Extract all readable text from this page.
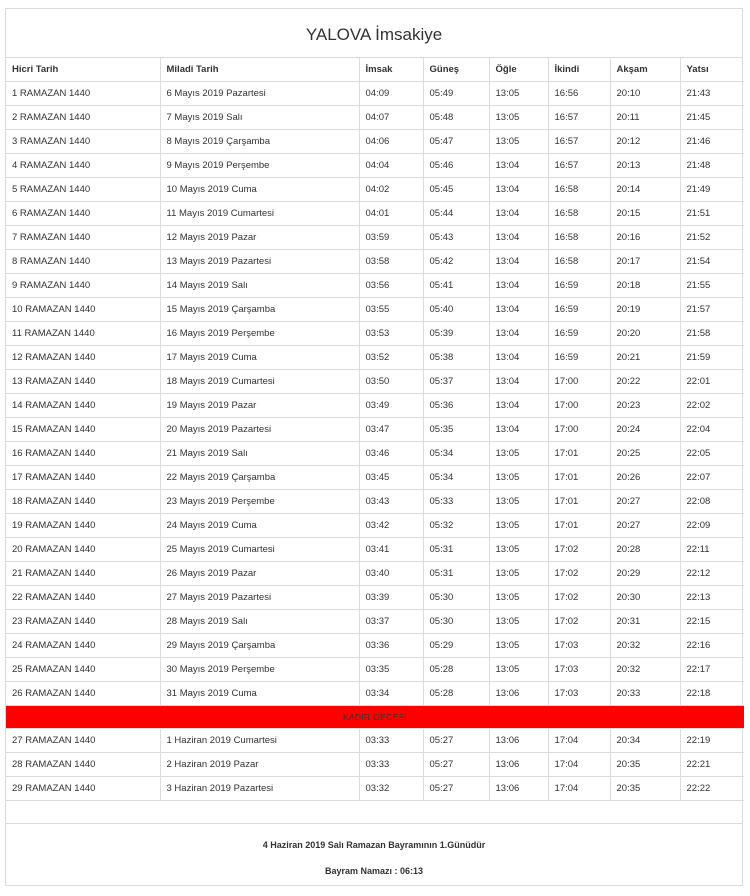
YALOVA İmsakiye
Hicri Tarih	Miladi Tarih	İmsak	Güneş	Öğle	İkindi	Akşam	Yatsı
1 RAMAZAN 1440	6 Mayıs 2019 Pazartesi	04:09	05:49	13:05	16:56	20:10	21:43
2 RAMAZAN 1440	7 Mayıs 2019 Salı	04:07	05:48	13:05	16:57	20:11	21:45
3 RAMAZAN 1440	8 Mayıs 2019 Çarşamba	04:06	05:47	13:05	16:57	20:12	21:46
4 RAMAZAN 1440	9 Mayıs 2019 Perşembe	04:04	05:46	13:04	16:57	20:13	21:48
5 RAMAZAN 1440	10 Mayıs 2019 Cuma	04:02	05:45	13:04	16:58	20:14	21:49
6 RAMAZAN 1440	11 Mayıs 2019 Cumartesi	04:01	05:44	13:04	16:58	20:15	21:51
7 RAMAZAN 1440	12 Mayıs 2019 Pazar	03:59	05:43	13:04	16:58	20:16	21:52
8 RAMAZAN 1440	13 Mayıs 2019 Pazartesi	03:58	05:42	13:04	16:58	20:17	21:54
9 RAMAZAN 1440	14 Mayıs 2019 Salı	03:56	05:41	13:04	16:59	20:18	21:55
10 RAMAZAN 1440	15 Mayıs 2019 Çarşamba	03:55	05:40	13:04	16:59	20:19	21:57
11 RAMAZAN 1440	16 Mayıs 2019 Perşembe	03:53	05:39	13:04	16:59	20:20	21:58
12 RAMAZAN 1440	17 Mayıs 2019 Cuma	03:52	05:38	13:04	16:59	20:21	21:59
13 RAMAZAN 1440	18 Mayıs 2019 Cumartesi	03:50	05:37	13:04	17:00	20:22	22:01
14 RAMAZAN 1440	19 Mayıs 2019 Pazar	03:49	05:36	13:04	17:00	20:23	22:02
15 RAMAZAN 1440	20 Mayıs 2019 Pazartesi	03:47	05:35	13:04	17:00	20:24	22:04
16 RAMAZAN 1440	21 Mayıs 2019 Salı	03:46	05:34	13:05	17:01	20:25	22:05
17 RAMAZAN 1440	22 Mayıs 2019 Çarşamba	03:45	05:34	13:05	17:01	20:26	22:07
18 RAMAZAN 1440	23 Mayıs 2019 Perşembe	03:43	05:33	13:05	17:01	20:27	22:08
19 RAMAZAN 1440	24 Mayıs 2019 Cuma	03:42	05:32	13:05	17:01	20:27	22:09
20 RAMAZAN 1440	25 Mayıs 2019 Cumartesi	03:41	05:31	13:05	17:02	20:28	22:11
21 RAMAZAN 1440	26 Mayıs 2019 Pazar	03:40	05:31	13:05	17:02	20:29	22:12
22 RAMAZAN 1440	27 Mayıs 2019 Pazartesi	03:39	05:30	13:05	17:02	20:30	22:13
23 RAMAZAN 1440	28 Mayıs 2019 Salı	03:37	05:30	13:05	17:02	20:31	22:15
24 RAMAZAN 1440	29 Mayıs 2019 Çarşamba	03:36	05:29	13:05	17:03	20:32	22:16
25 RAMAZAN 1440	30 Mayıs 2019 Perşembe	03:35	05:28	13:05	17:03	20:32	22:17
26 RAMAZAN 1440	31 Mayıs 2019 Cuma	03:34	05:28	13:06	17:03	20:33	22:18
KADİR GECESİ							
27 RAMAZAN 1440	1 Haziran 2019 Cumartesi	03:33	05:27	13:06	17:04	20:34	22:19
28 RAMAZAN 1440	2 Haziran 2019 Pazar	03:33	05:27	13:06	17:04	20:35	22:21
29 RAMAZAN 1440	3 Haziran 2019 Pazartesi	03:32	05:27	13:06	17:04	20:35	22:22
4 Haziran 2019 Salı Ramazan Bayramının 1.Günüdür
Bayram Namazı : 06:13
